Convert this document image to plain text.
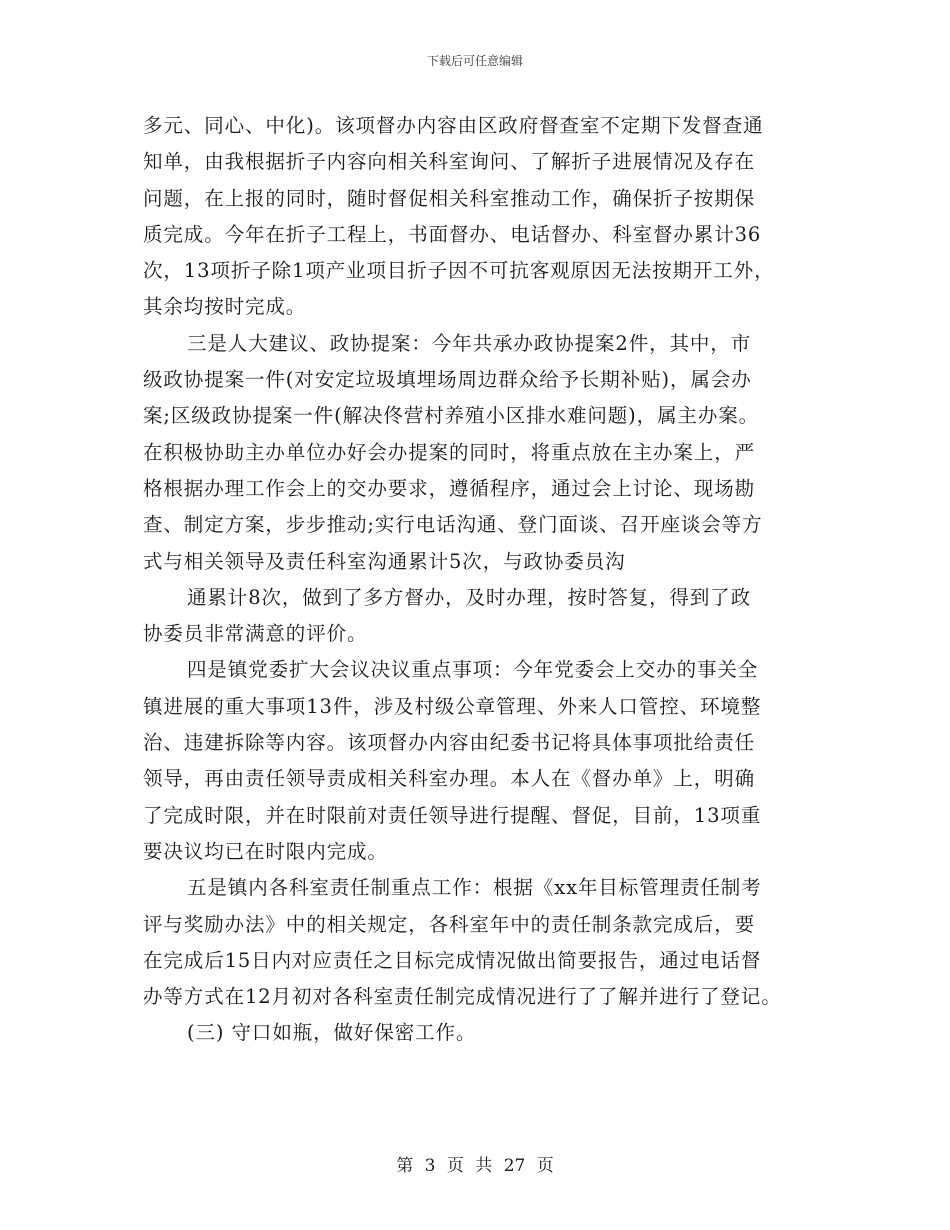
下载后可任意编辑
多元、同心、中化)。该项督办内容由区政府督查室不定期下发督查通
知单，由我根据折子内容向相关科室询问、了解折子进展情况及存在
问题，在上报的同时，随时督促相关科室推动工作，确保折子按期保
质完成。今年在折子工程上，书面督办、电话督办、科室督办累计36
次，13项折子除1项产业项目折子因不可抗客观原因无法按期开工外，
其余均按时完成。
三是人大建议、政协提案：今年共承办政协提案2件，其中，市
级政协提案一件(对安定垃圾填埋场周边群众给予长期补贴)，属会办
案;区级政协提案一件(解决佟营村养殖小区排水难问题)，属主办案。
在积极协助主办单位办好会办提案的同时，将重点放在主办案上，严
格根据办理工作会上的交办要求，遵循程序，通过会上讨论、现场勘
查、制定方案，步步推动;实行电话沟通、登门面谈、召开座谈会等方
式与相关领导及责任科室沟通累计5次，与政协委员沟
通累计8次，做到了多方督办，及时办理，按时答复，得到了政
协委员非常满意的评价。
四是镇党委扩大会议决议重点事项：今年党委会上交办的事关全
镇进展的重大事项13件，涉及村级公章管理、外来人口管控、环境整
治、违建拆除等内容。该项督办内容由纪委书记将具体事项批给责任
领导，再由责任领导责成相关科室办理。本人在《督办单》上，明确
了完成时限，并在时限前对责任领导进行提醒、督促，目前，13项重
要决议均已在时限内完成。
五是镇内各科室责任制重点工作：根据《xx年目标管理责任制考
评与奖励办法》中的相关规定，各科室年中的责任制条款完成后，要
在完成后15日内对应责任之目标完成情况做出简要报告，通过电话督
办等方式在12月初对各科室责任制完成情况进行了了解并进行了登记。
(三) 守口如瓶，做好保密工作。
第 3 页 共 27 页
